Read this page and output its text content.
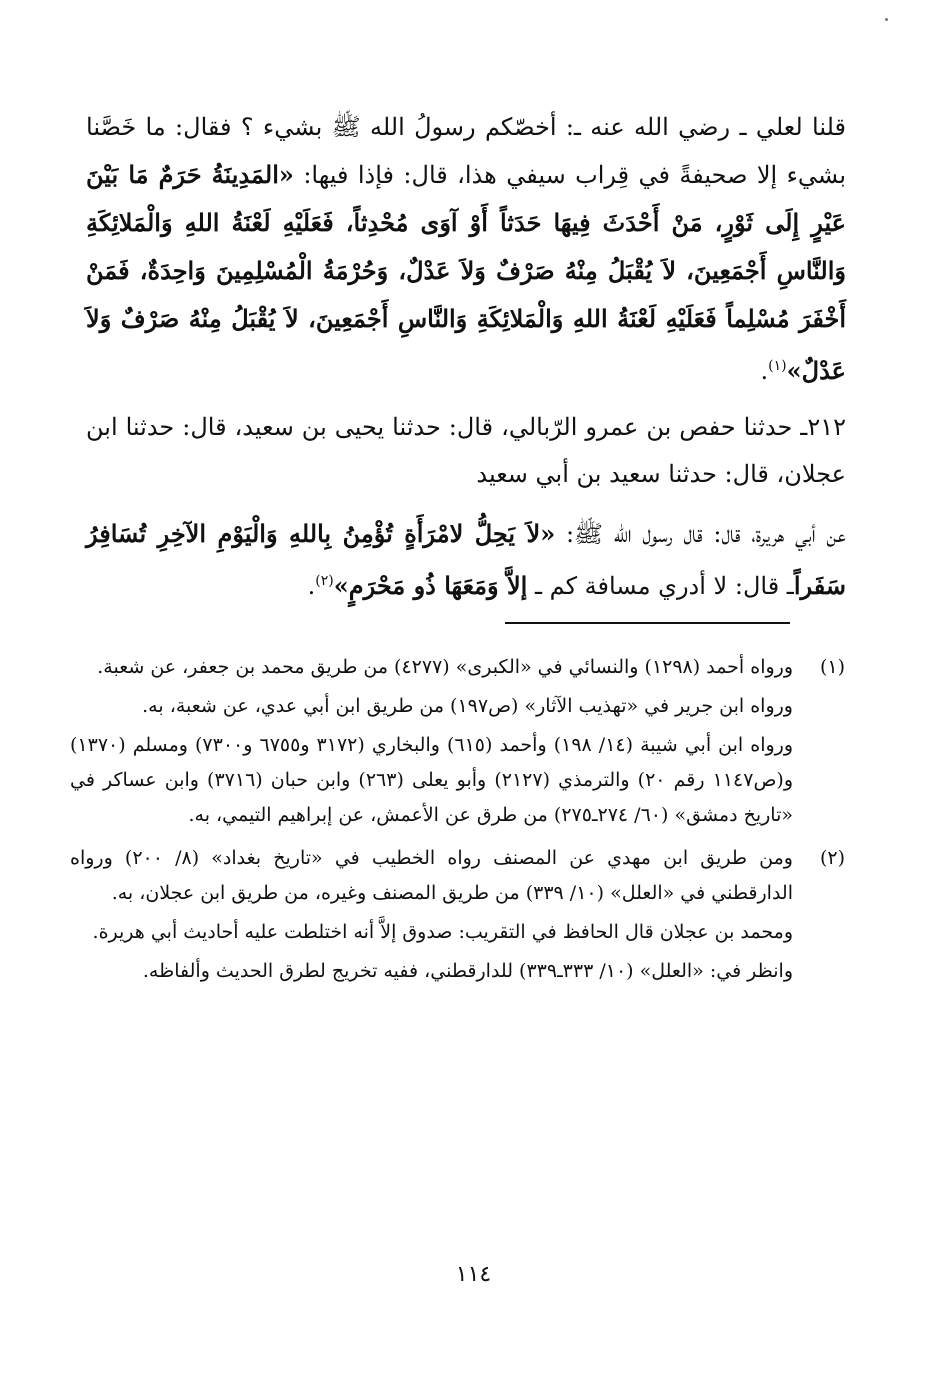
قلنا لعلي ـ رضي الله عنه ـ: أخصّكم رسولُ الله ﷺ بشيء ؟ فقال: ما خَصَّنا بشيء إلا صحيفةً في قِراب سيفي هذا، قال: فإذا فيها: «المَدِينَةُ حَرَمٌ مَا بَيْنَ عَيْرٍ إِلَى ثَوْرٍ، مَنْ أَحْدَثَ فِيهَا حَدَثاً أَوْ آوَى مُحْدِثاً، فَعَلَيْهِ لَعْنَةُ اللهِ وَالْمَلائِكَةِ وَالنَّاسِ أَجْمَعِينَ، لاَ يُقْبَلُ مِنْهُ صَرْفٌ وَلاَ عَدْلٌ، وَحُرْمَةُ الْمُسْلِمِينَ وَاحِدَةٌ، فَمَنْ أَخْفَرَ مُسْلِماً فَعَلَيْهِ لَعْنَةُ اللهِ وَالْمَلائِكَةِ وَالنَّاسِ أَجْمَعِينَ، لاَ يُقْبَلُ مِنْهُ صَرْفٌ وَلاَ عَدْلٌ»$^{(١)}$.

٢١٢ـ حدثنا حفص بن عمرو الرّبالي، قال: حدثنا يحيى بن سعيد، قال: حدثنا ابن عجلان، قال: حدثنا سعيد بن أبي سعيد

عن أبي هريرة، قال: قال رسول الله ﷺ: «لاَ يَحِلُّ لامْرَأَةٍ تُؤْمِنُ بِاللهِ وَالْيَوْمِ الآخِرِ تُسَافِرُ سَفَراًـ قال: لا أدري مسافة كم ـ إلاَّ وَمَعَهَا ذُو مَحْرَمٍ»$^{(٢)}$.

(١)

ورواه أحمد (١٢٩٨) والنسائي في «الكبرى» (٤٢٧٧) من طريق محمد بن جعفر، عن شعبة.

ورواه ابن جرير في «تهذيب الآثار» (ص١٩٧) من طريق ابن أبي عدي، عن شعبة، به.

ورواه ابن أبي شيبة (١٤/ ١٩٨) وأحمد (٦١٥) والبخاري (٣١٧٢ و٦٧٥٥ و٧٣٠٠) ومسلم (١٣٧٠) و(ص١١٤٧ رقم ٢٠) والترمذي (٢١٢٧) وأبو يعلى (٢٦٣) وابن حبان (٣٧١٦) وابن عساكر في «تاريخ دمشق» (٦٠/ ٢٧٤ـ٢٧٥) من طرق عن الأعمش، عن إبراهيم التيمي، به.

(٢)

ومن طريق ابن مهدي عن المصنف رواه الخطيب في «تاريخ بغداد» (٨/ ٢٠٠) ورواه الدارقطني في «العلل» (١٠/ ٣٣٩) من طريق المصنف وغيره، من طريق ابن عجلان، به.

ومحمد بن عجلان قال الحافظ في التقريب: صدوق إلاَّ أنه اختلطت عليه أحاديث أبي هريرة.

وانظر في: «العلل» (١٠/ ٣٣٣ـ٣٣٩) للدارقطني، ففيه تخريج لطرق الحديث وألفاظه.

١١٤
